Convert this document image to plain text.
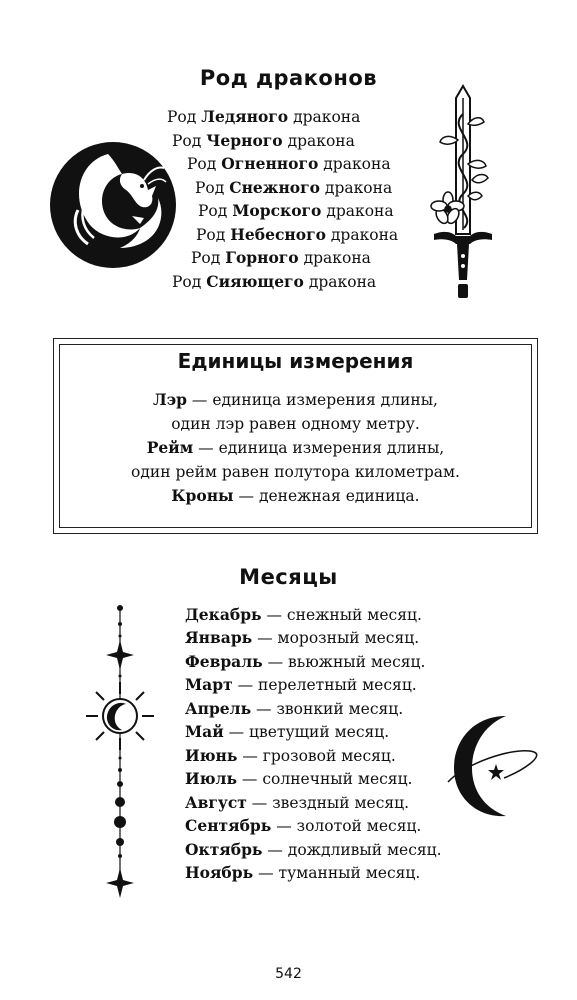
Род драконов
Род Ледяного дракона
Род Черного дракона
Род Огненного дракона
Род Снежного дракона
Род Морского дракона
Род Небесного дракона
Род Горного дракона
Род Сияющего дракона
Единицы измерения
Лэр — единица измерения длины,
один лэр равен одному метру.
Рейм — единица измерения длины,
один рейм равен полутора километрам.
Кроны — денежная единица.
Месяцы
Декабрь — снежный месяц.
Январь — морозный месяц.
Февраль — вьюжный месяц.
Март — перелетный месяц.
Апрель — звонкий месяц.
Май — цветущий месяц.
Июнь — грозовой месяц.
Июль — солнечный месяц.
Август — звездный месяц.
Сентябрь — золотой месяц.
Октябрь — дождливый месяц.
Ноябрь — туманный месяц.
542
